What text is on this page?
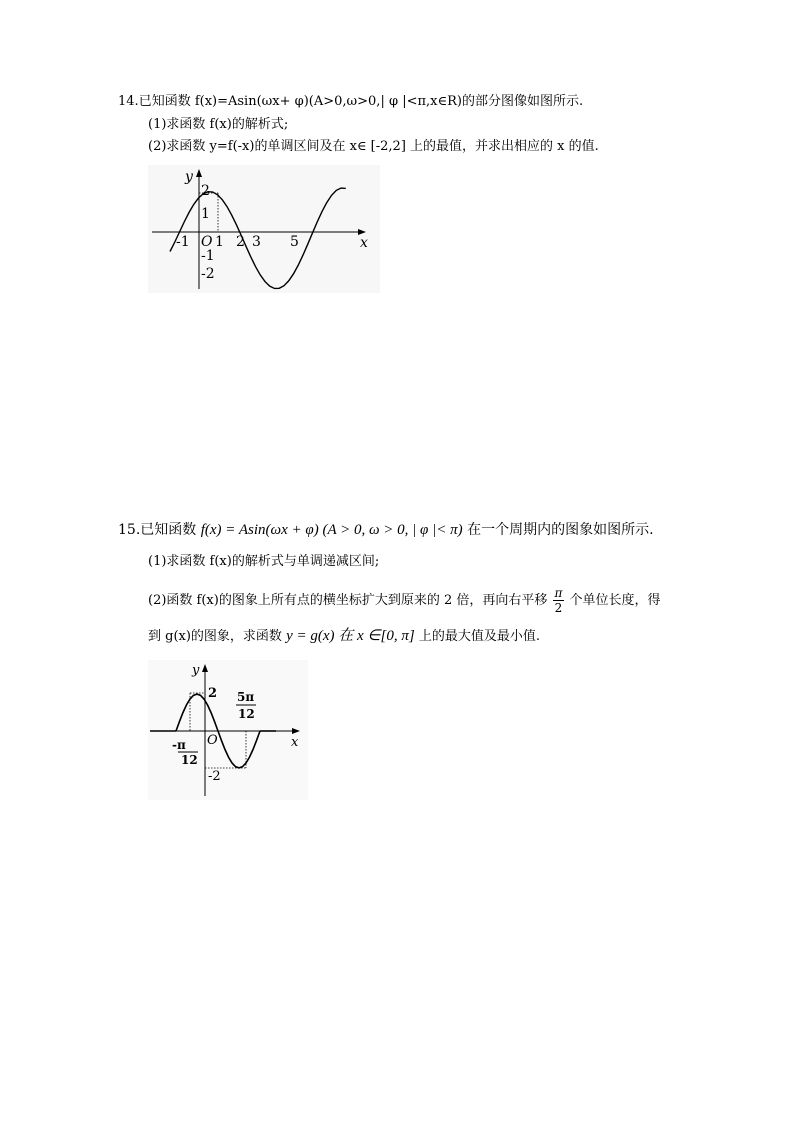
14.已知函数 f(x)=Asin(ωx+ φ)(A>0,ω>0,| φ |<π,x∈R)的部分图像如图所示.
(1)求函数 f(x)的解析式;
(2)求函数 y=f(-x)的单调区间及在 x∈ [-2,2] 上的最值，并求出相应的 x 的值.
y
x
2
1
-1
-2
-1 O 1 2 3 5
15.已知函数 f(x) = Asin(ωx + φ) (A > 0, ω > 0, | φ |< π) 在一个周期内的图象如图所示.
(1)求函数 f(x)的解析式与单调递减区间;
(2)函数 f(x)的图象上所有点的横坐标扩大到原来的 2 倍，再向右平移 $\frac{\pi}{2}$ 个单位长度，得
到 g(x)的图象，求函数 y = g(x) 在 x ∈[0, π] 上的最大值及最小值.
y
x
2
-2
O
5π
12
-π
12
